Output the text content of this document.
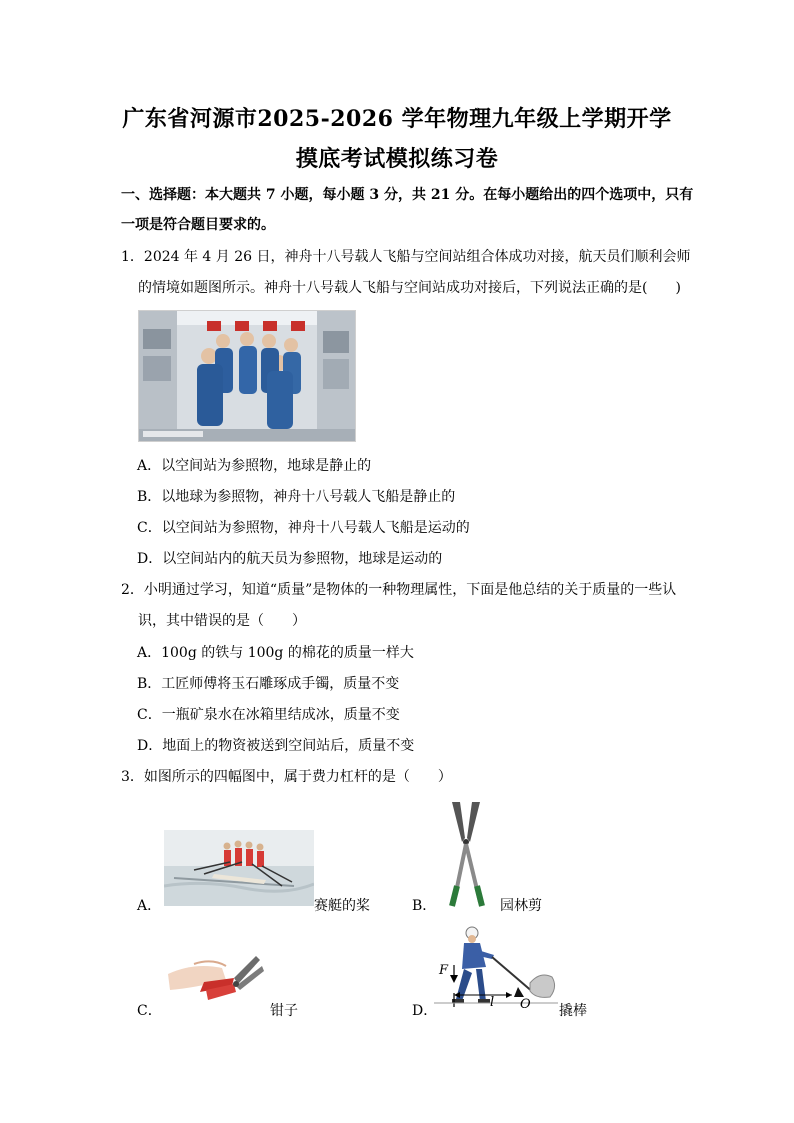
广东省河源市2025-2026 学年物理九年级上学期开学
摸底考试模拟练习卷
一、选择题：本大题共 7 小题，每小题 3 分，共 21 分。在每小题给出的四个选项中，只有
一项是符合题目要求的。
1．2024 年 4 月 26 日，神舟十八号载人飞船与空间站组合体成功对接，航天员们顺利会师
的情境如题图所示。神舟十八号载人飞船与空间站成功对接后，下列说法正确的是(　　)
A．以空间站为参照物，地球是静止的
B．以地球为参照物，神舟十八号载人飞船是静止的
C．以空间站为参照物，神舟十八号载人飞船是运动的
D．以空间站内的航天员为参照物，地球是运动的
2．小明通过学习，知道“质量”是物体的一种物理属性，下面是他总结的关于质量的一些认
识，其中错误的是（　　）
A．100g 的铁与 100g 的棉花的质量一样大
B．工匠师傅将玉石雕琢成手镯，质量不变
C．一瓶矿泉水在冰箱里结成冰，质量不变
D．地面上的物资被送到空间站后，质量不变
3．如图所示的四幅图中，属于费力杠杆的是（　　）
A．	赛艇的桨	B．	园林剪
C．	钳子	D．
F
l O 撬棒
